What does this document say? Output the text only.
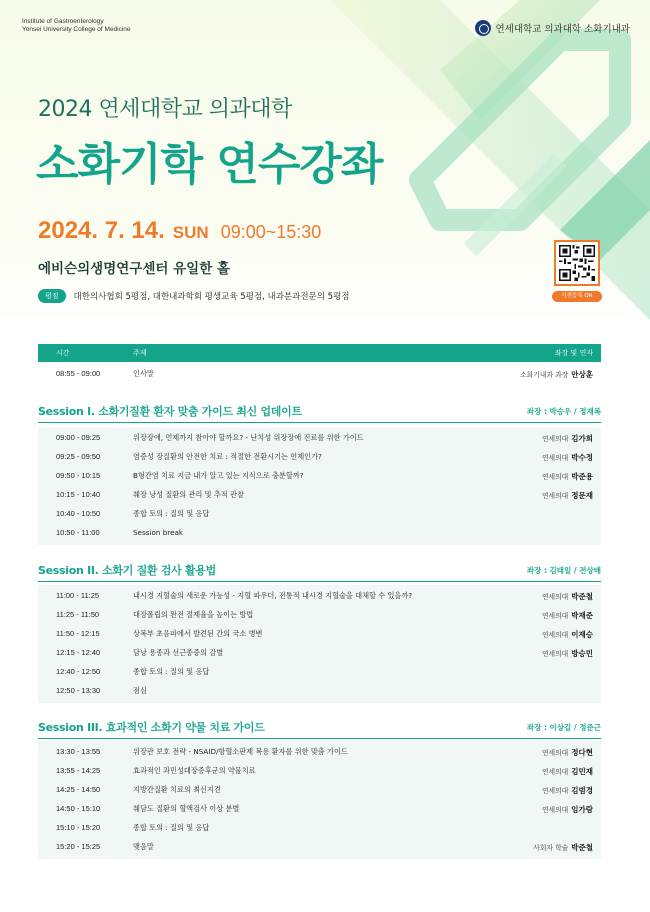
Institute of Gastroenterology
Yonsei University College of Medicine	연세대학교 의과대학 소화기내과
2024 연세대학교 의과대학
소화기학 연수강좌
2024. 7. 14. SUN 09:00~15:30
에비슨의생명연구센터 유일한 홀
평점	대한의사협회 5평점, 대한내과학회 평생교육 5평점, 내과분과전문의 5평점	사전등록 QR
시간	주제	좌장 및 연자
08:55 - 09:00	인사말	소화기내과 과장 안상훈
Session I. 소화기질환 환자 맞춤 가이드 최신 업데이트	좌장 : 박승우 / 정재복
09:00 - 09:25	위장장애, 언제까지 참아야 할까요? - 난치성 위장장애 진료를 위한 가이드	연세의대 김가희
09:25 - 09:50	염증성 장질환의 안전한 치료 : 적절한 전환시기는 언제인가?	연세의대 박수정
09:50 - 10:15	B형간염 치료 지금 내가 알고 있는 지식으로 충분할까?	연세의대 박준용
10:15 - 10:40	췌장 낭성 질환의 관리 및 추적 관찰	연세의대 정문재
10:40 - 10:50	종합 토의 : 질의 및 응답
10:50 - 11:00	Session break
Session II. 소화기 질환 검사 활용법	좌장 : 김태일 / 전상배
11:00 - 11:25	내시경 지혈술의 새로운 가능성 - 지혈 파우더, 전통적 내시경 지혈술을 대체할 수 있을까?	연세의대 박준철
11:25 - 11:50	대장폴립의 완전 절제율을 높이는 방법	연세의대 박재준
11:50 - 12:15	상복부 초음파에서 발견된 간의 국소 병변	연세의대 이재승
12:15 - 12:40	담낭 용종과 선근종증의 감별	연세의대 방승민
12:40 - 12:50	종합 토의 : 질의 및 응답
12:50 - 13:30	점심
Session III. 효과적인 소화기 약물 치료 가이드	좌장 : 이상길 / 정준근
13:30 - 13:55	위장관 보호 전략 - NSAID/항혈소판제 복용 환자를 위한 맞춤 가이드	연세의대 정다현
13:55 - 14:25	효과적인 과민성대장증후군의 약물치료	연세의대 김민재
14:25 - 14:50	지방간질환 치료의 최신지견	연세의대 김범경
14:50 - 15:10	췌담도 질환의 혈액검사 이상 분별	연세의대 임가람
15:10 - 15:20	종합 토의 : 질의 및 응답
15:20 - 15:25	맺음말	사회자 학술 박준철
